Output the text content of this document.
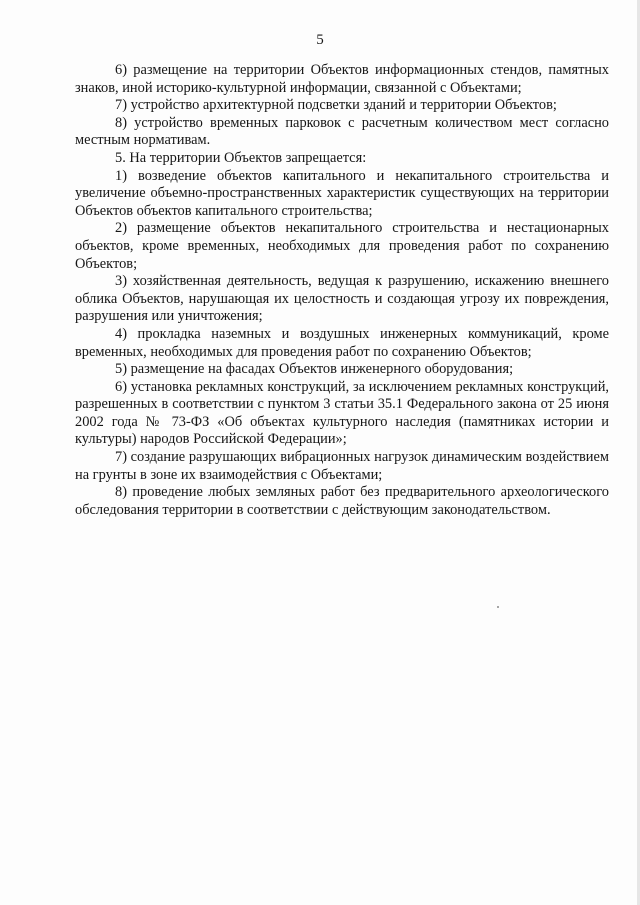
5

6) размещение на территории Объектов информационных стендов, памятных знаков, иной историко-культурной информации, связанной с Объектами;

7) устройство архитектурной подсветки зданий и территории Объектов;

8) устройство временных парковок с расчетным количеством мест согласно местным нормативам.

5. На территории Объектов запрещается:

1) возведение объектов капитального и некапитального строительства и увеличение объемно-пространственных характеристик существующих на территории Объектов объектов капитального строительства;

2) размещение объектов некапитального строительства и нестационарных объектов, кроме временных, необходимых для проведения работ по сохранению Объектов;

3) хозяйственная деятельность, ведущая к разрушению, искажению внешнего облика Объектов, нарушающая их целостность и создающая угрозу их повреждения, разрушения или уничтожения;

4) прокладка наземных и воздушных инженерных коммуникаций, кроме временных, необходимых для проведения работ по сохранению Объектов;

5) размещение на фасадах Объектов инженерного оборудования;

6) установка рекламных конструкций, за исключением рекламных конструкций, разрешенных в соответствии с пунктом 3 статьи 35.1 Федерального закона от 25 июня 2002 года № 73-ФЗ «Об объектах культурного наследия (памятниках истории и культуры) народов Российской Федерации»;

7) создание разрушающих вибрационных нагрузок динамическим воздействием на грунты в зоне их взаимодействия с Объектами;

8) проведение любых земляных работ без предварительного археологического обследования территории в соответствии с действующим законодательством.
